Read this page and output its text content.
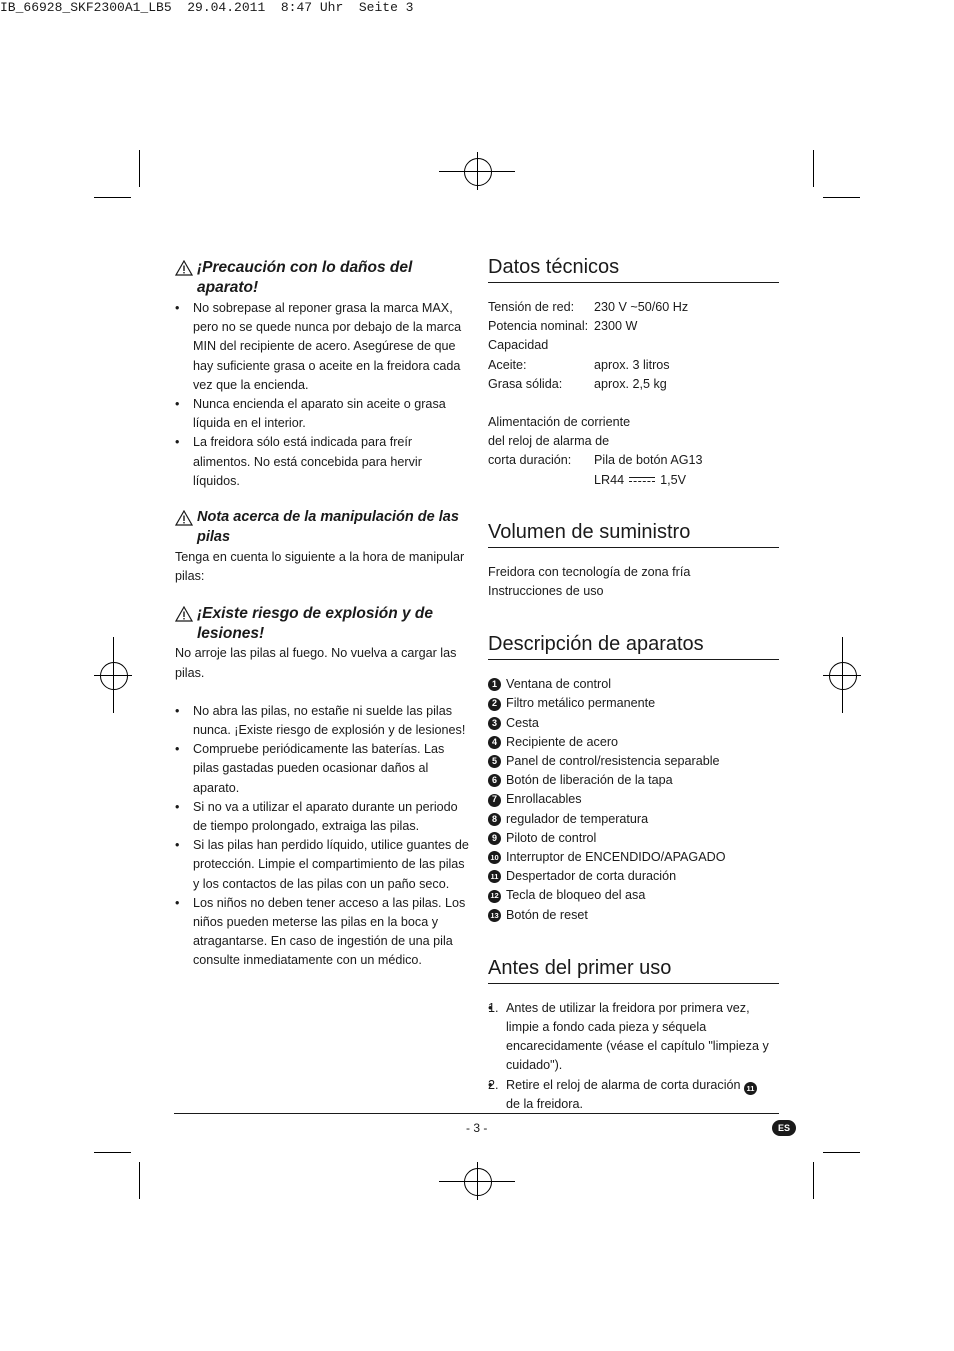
IB_66928_SKF2300A1_LB5  29.04.2011  8:47 Uhr  Seite 3
¡Precaución con lo daños del aparato!
• No sobrepase al reponer grasa la marca MAX, pero no se quede nunca por debajo de la marca MIN del recipiente de acero. Asegúrese de que hay suficiente grasa o aceite en la freidora cada vez que la encienda.
• Nunca encienda el aparato sin aceite o grasa líquida en el interior.
• La freidora sólo está indicada para freír alimentos. No está concebida para hervir líquidos.
Nota acerca de la manipulación de las pilas

Tenga en cuenta lo siguiente a la hora de manipular pilas:

¡Existe riesgo de explosión y de lesiones!

No arroje las pilas al fuego. No vuelva a cargar las pilas.

• No abra las pilas, no estañe ni suelde las pilas nunca. ¡Existe riesgo de explosión y de lesiones!
• Compruebe periódicamente las baterías. Las pilas gastadas pueden ocasionar daños al aparato.
• Si no va a utilizar el aparato durante un periodo de tiempo prolongado, extraiga las pilas.
• Si las pilas han perdido líquido, utilice guantes de protección. Limpie el compartimiento de las pilas y los contactos de las pilas con un paño seco.
• Los niños no deben tener acceso a las pilas. Los niños pueden meterse las pilas en la boca y atragantarse. En caso de ingestión de una pila consulte inmediatamente con un médico.
Datos técnicos
Tensión de red:	230 V ~50/60 Hz
Potencia nominal: 2300 W
Capacidad
Aceite:	aprox. 3 litros
Grasa sólida:	aprox. 2,5 kg

Alimentación de corriente

del reloj de alarma de

corta duración:	Pila de botón AG13
LR44	1,5V
Volumen de suministro

Freidora con tecnología de zona fría

Instrucciones de uso

Descripción de aparatos
• 1 Ventana de control
• 2 Filtro metálico permanente
• 3 Cesta
• 4 Recipiente de acero
• 5 Panel de control/resistencia separable
• 6 Botón de liberación de la tapa
• 7 Enrollacables
• 8 regulador de temperatura
• 9 Piloto de control
• 10 Interruptor de ENCENDIDO/APAGADO
• 11 Despertador de corta duración
• 12 Tecla de bloqueo del asa
• 13 Botón de reset
Antes del primer uso
• 1. Antes de utilizar la freidora por primera vez, limpie a fondo cada pieza y séquela encarecidamente (véase el capítulo "limpieza y cuidado").
• 2. Retire el reloj de alarma de corta duración 11
de la freidora.
- 3 -	ES
